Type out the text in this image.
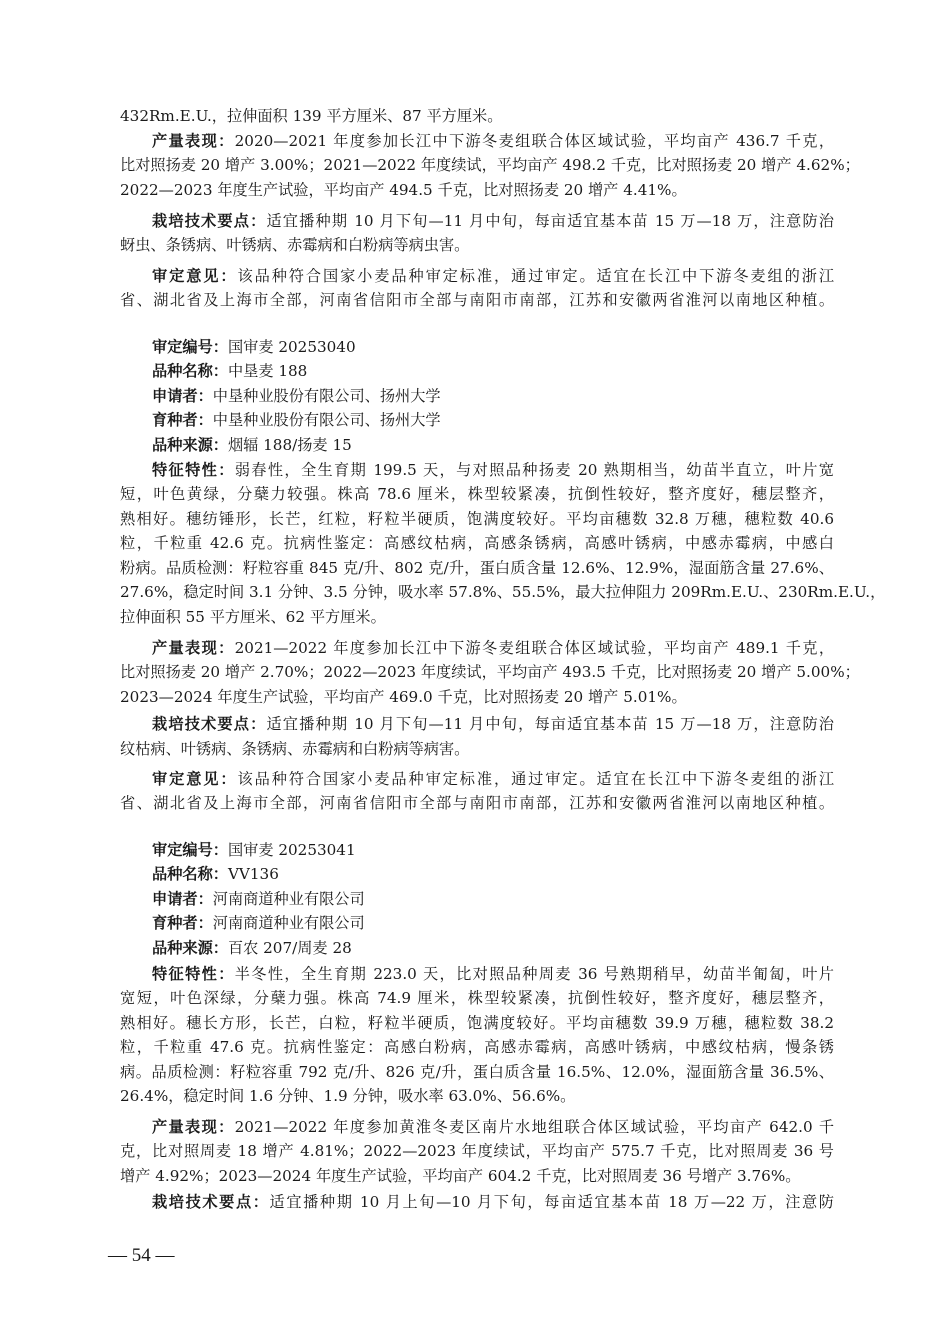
432Rm.E.U.，拉伸面积 139 平方厘米、87 平方厘米。
产量表现：2020—2021 年度参加长江中下游冬麦组联合体区域试验，平均亩产 436.7 千克，
比对照扬麦 20 增产 3.00%；2021—2022 年度续试，平均亩产 498.2 千克，比对照扬麦 20 增产 4.62%；
2022—2023 年度生产试验，平均亩产 494.5 千克，比对照扬麦 20 增产 4.41%。
栽培技术要点：适宜播种期 10 月下旬—11 月中旬，每亩适宜基本苗 15 万—18 万，注意防治
蚜虫、条锈病、叶锈病、赤霉病和白粉病等病虫害。
审定意见：该品种符合国家小麦品种审定标准，通过审定。适宜在长江中下游冬麦组的浙江
省、湖北省及上海市全部，河南省信阳市全部与南阳市南部，江苏和安徽两省淮河以南地区种植。
审定编号：国审麦 20253040
品种名称：中垦麦 188
申请者：中垦种业股份有限公司、扬州大学
育种者：中垦种业股份有限公司、扬州大学
品种来源：烟辐 188/扬麦 15
特征特性：弱春性，全生育期 199.5 天，与对照品种扬麦 20 熟期相当，幼苗半直立，叶片宽
短，叶色黄绿，分蘖力较强。株高 78.6 厘米，株型较紧凑，抗倒性较好，整齐度好，穗层整齐，
熟相好。穗纺锤形，长芒，红粒，籽粒半硬质，饱满度较好。平均亩穗数 32.8 万穗，穗粒数 40.6
粒，千粒重 42.6 克。抗病性鉴定：高感纹枯病，高感条锈病，高感叶锈病，中感赤霉病，中感白
粉病。品质检测：籽粒容重 845 克/升、802 克/升，蛋白质含量 12.6%、12.9%，湿面筋含量 27.6%、
27.6%，稳定时间 3.1 分钟、3.5 分钟，吸水率 57.8%、55.5%，最大拉伸阻力 209Rm.E.U.、230Rm.E.U.，
拉伸面积 55 平方厘米、62 平方厘米。
产量表现：2021—2022 年度参加长江中下游冬麦组联合体区域试验，平均亩产 489.1 千克，
比对照扬麦 20 增产 2.70%；2022—2023 年度续试，平均亩产 493.5 千克，比对照扬麦 20 增产 5.00%；
2023—2024 年度生产试验，平均亩产 469.0 千克，比对照扬麦 20 增产 5.01%。
栽培技术要点：适宜播种期 10 月下旬—11 月中旬，每亩适宜基本苗 15 万—18 万，注意防治
纹枯病、叶锈病、条锈病、赤霉病和白粉病等病害。
审定意见：该品种符合国家小麦品种审定标准，通过审定。适宜在长江中下游冬麦组的浙江
省、湖北省及上海市全部，河南省信阳市全部与南阳市南部，江苏和安徽两省淮河以南地区种植。
审定编号：国审麦 20253041
品种名称：VV136
申请者：河南商道种业有限公司
育种者：河南商道种业有限公司
品种来源：百农 207/周麦 28
特征特性：半冬性，全生育期 223.0 天，比对照品种周麦 36 号熟期稍早，幼苗半匍匐，叶片
宽短，叶色深绿，分蘖力强。株高 74.9 厘米，株型较紧凑，抗倒性较好，整齐度好，穗层整齐，
熟相好。穗长方形，长芒，白粒，籽粒半硬质，饱满度较好。平均亩穗数 39.9 万穗，穗粒数 38.2
粒，千粒重 47.6 克。抗病性鉴定：高感白粉病，高感赤霉病，高感叶锈病，中感纹枯病，慢条锈
病。品质检测：籽粒容重 792 克/升、826 克/升，蛋白质含量 16.5%、12.0%，湿面筋含量 36.5%、
26.4%，稳定时间 1.6 分钟、1.9 分钟，吸水率 63.0%、56.6%。
产量表现：2021—2022 年度参加黄淮冬麦区南片水地组联合体区域试验，平均亩产 642.0 千
克，比对照周麦 18 增产 4.81%；2022—2023 年度续试，平均亩产 575.7 千克，比对照周麦 36 号
增产 4.92%；2023—2024 年度生产试验，平均亩产 604.2 千克，比对照周麦 36 号增产 3.76%。
栽培技术要点：适宜播种期 10 月上旬—10 月下旬，每亩适宜基本苗 18 万—22 万，注意防
— 54 —
